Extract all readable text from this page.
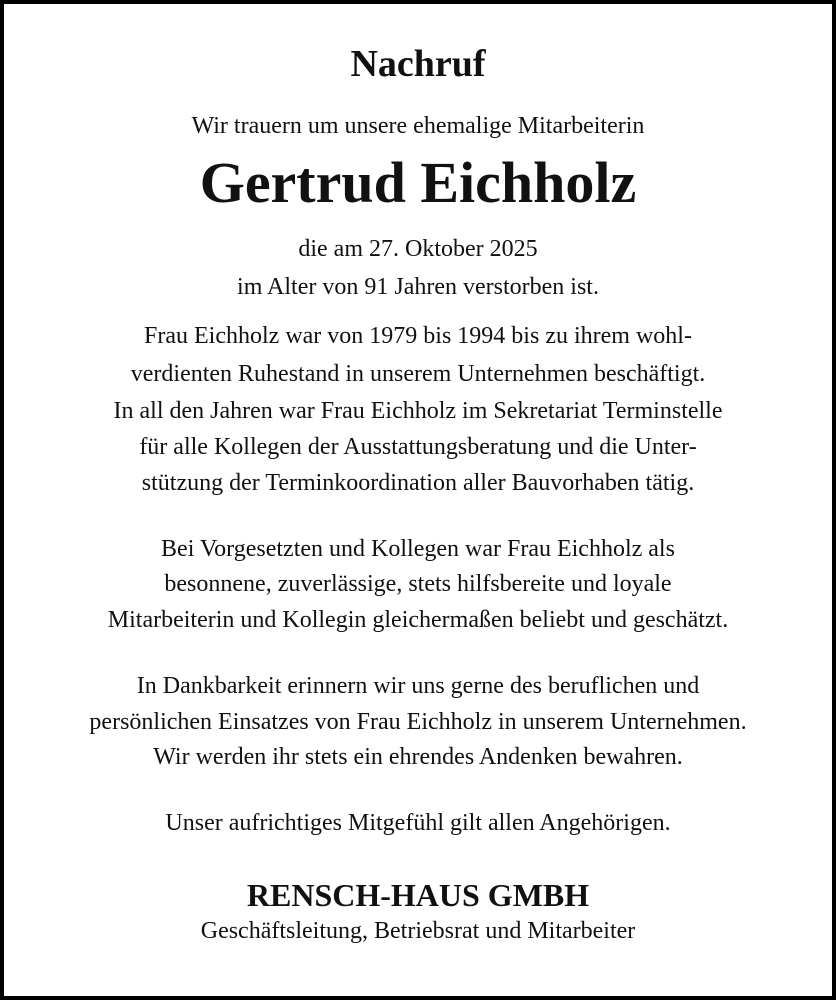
Nachruf
Wir trauern um unsere ehemalige Mitarbeiterin
Gertrud Eichholz
die am 27. Oktober 2025
im Alter von 91 Jahren verstorben ist.
Frau Eichholz war von 1979 bis 1994 bis zu ihrem wohl-
verdienten Ruhestand in unserem Unternehmen beschäftigt.
In all den Jahren war Frau Eichholz im Sekretariat Terminstelle
für alle Kollegen der Ausstattungsberatung und die Unter-
stützung der Terminkoordination aller Bauvorhaben tätig.
Bei Vorgesetzten und Kollegen war Frau Eichholz als
besonnene, zuverlässige, stets hilfsbereite und loyale
Mitarbeiterin und Kollegin gleichermaßen beliebt und geschätzt.
In Dankbarkeit erinnern wir uns gerne des beruflichen und
persönlichen Einsatzes von Frau Eichholz in unserem Unternehmen.
Wir werden ihr stets ein ehrendes Andenken bewahren.
Unser aufrichtiges Mitgefühl gilt allen Angehörigen.
RENSCH-HAUS GMBH
Geschäftsleitung, Betriebsrat und Mitarbeiter
